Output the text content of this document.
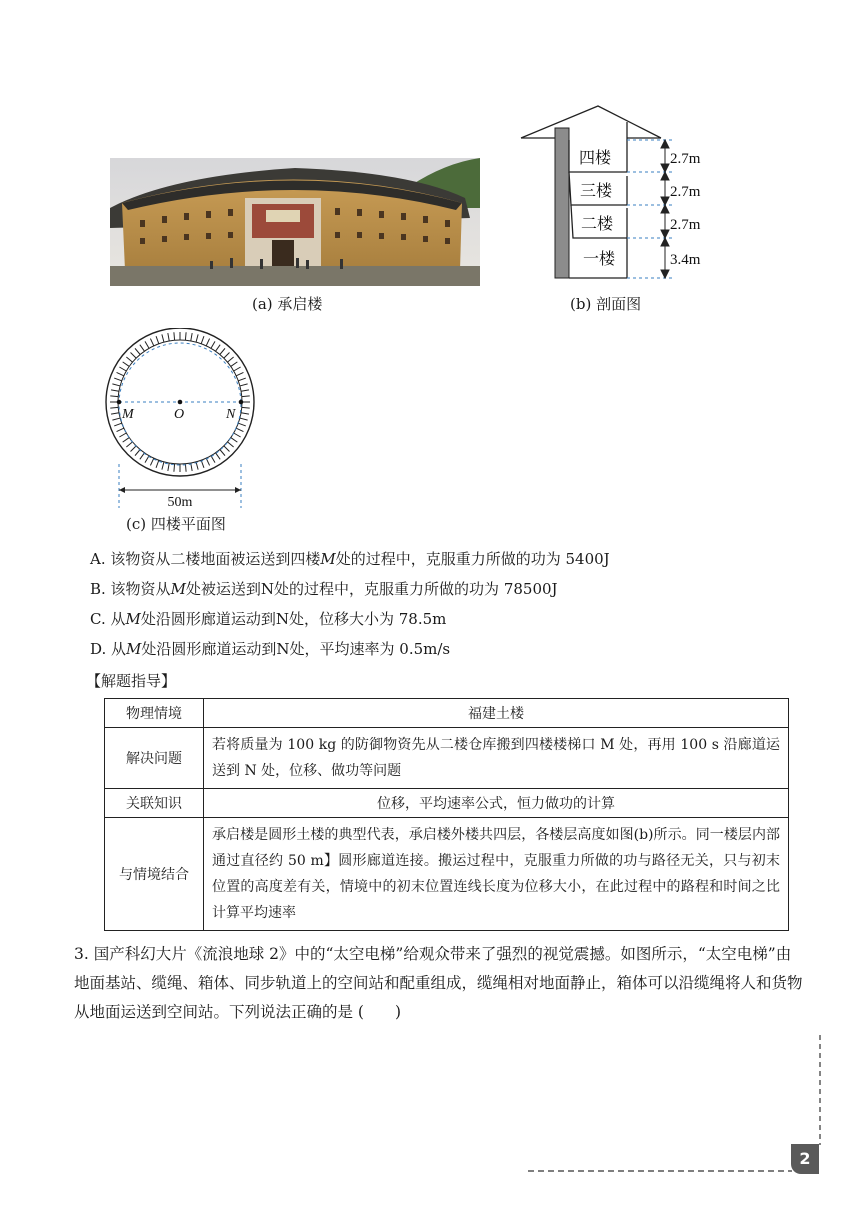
(a) 承启楼
四楼
三楼
二楼
一楼
2.7m
2.7m
2.7m
3.4m
(b) 剖面图
M	O	N
50m
(c) 四楼平面图
A. 该物资从二楼地面被运送到四楼M处的过程中，克服重力所做的功为 5400J
B. 该物资从M处被运送到N处的过程中，克服重力所做的功为 78500J
C. 从M处沿圆形廊道运动到N处，位移大小为 78.5m
D. 从M处沿圆形廊道运动到N处，平均速率为 0.5m/s
【解题指导】
物理情境	福建土楼
解决问题	若将质量为 100 kg 的防御物资先从二楼仓库搬到四楼楼梯口 M 处，再用 100 s 沿廊道运送到 N 处，位移、做功等问题
关联知识	位移，平均速率公式，恒力做功的计算
与情境结合	承启楼是圆形土楼的典型代表，承启楼外楼共四层，各楼层高度如图(b)所示。同一楼层内部通过直径约 50 m】圆形廊道连接。搬运过程中，克服重力所做的功与路径无关，只与初末位置的高度差有关，情境中的初末位置连线长度为位移大小，在此过程中的路程和时间之比计算平均速率
3. 国产科幻大片《流浪地球 2》中的“太空电梯”给观众带来了强烈的视觉震撼。如图所示，“太空电梯”由地面基站、缆绳、箱体、同步轨道上的空间站和配重组成，缆绳相对地面静止，箱体可以沿缆绳将人和货物从地面运送到空间站。下列说法正确的是 (　　)
2
